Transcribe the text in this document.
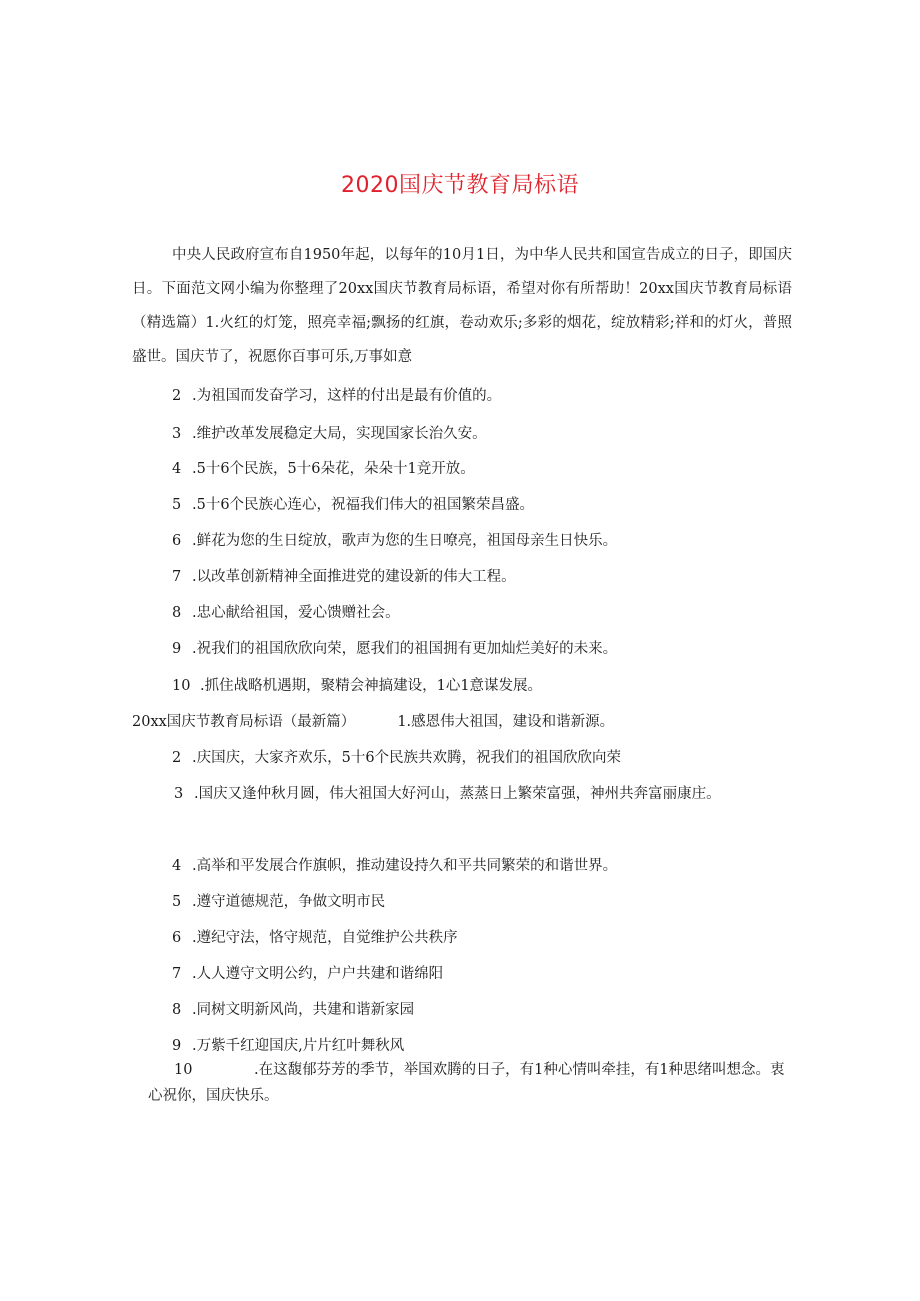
2020国庆节教育局标语

中央人民政府宣布自1950年起，以每年的10月1日，为中华人民共和国宣告成立的日子，即国庆日。下面范文网小编为你整理了20xx国庆节教育局标语，希望对你有所帮助！20xx国庆节教育局标语（精选篇）1.火红的灯笼，照亮幸福;飘扬的红旗，卷动欢乐;多彩的烟花，绽放精彩;祥和的灯火，普照盛世。国庆节了，祝愿你百事可乐,万事如意

2 .为祖国而发奋学习，这样的付出是最有价值的。

3 .维护改革发展稳定大局，实现国家长治久安。

4 .5十6个民族，5十6朵花，朵朵十1竞开放。

5 .5十6个民族心连心，祝福我们伟大的祖国繁荣昌盛。

6 .鲜花为您的生日绽放，歌声为您的生日嘹亮，祖国母亲生日快乐。

7 .以改革创新精神全面推进党的建设新的伟大工程。

8 .忠心献给祖国，爱心馈赠社会。

9 .祝我们的祖国欣欣向荣，愿我们的祖国拥有更加灿烂美好的未来。

10 .抓住战略机遇期，聚精会神搞建设，1心1意谋发展。

20xx国庆节教育局标语（最新篇）	1.感恩伟大祖国，建设和谐新源。

2 .庆国庆，大家齐欢乐，5十6个民族共欢腾，祝我们的祖国欣欣向荣

3 .国庆又逢仲秋月圆，伟大祖国大好河山，蒸蒸日上繁荣富强，神州共奔富丽康庄。

4 .高举和平发展合作旗帜，推动建设持久和平共同繁荣的和谐世界。

5 .遵守道德规范，争做文明市民

6 .遵纪守法，恪守规范，自觉维护公共秩序

7 .人人遵守文明公约，户户共建和谐绵阳

8 .同树文明新风尚，共建和谐新家园

9 .万紫千红迎国庆,片片红叶舞秋风

10	.在这馥郁芬芳的季节，举国欢腾的日子，有1种心情叫牵挂，有1种思绪叫想念。衷心祝你，国庆快乐。
